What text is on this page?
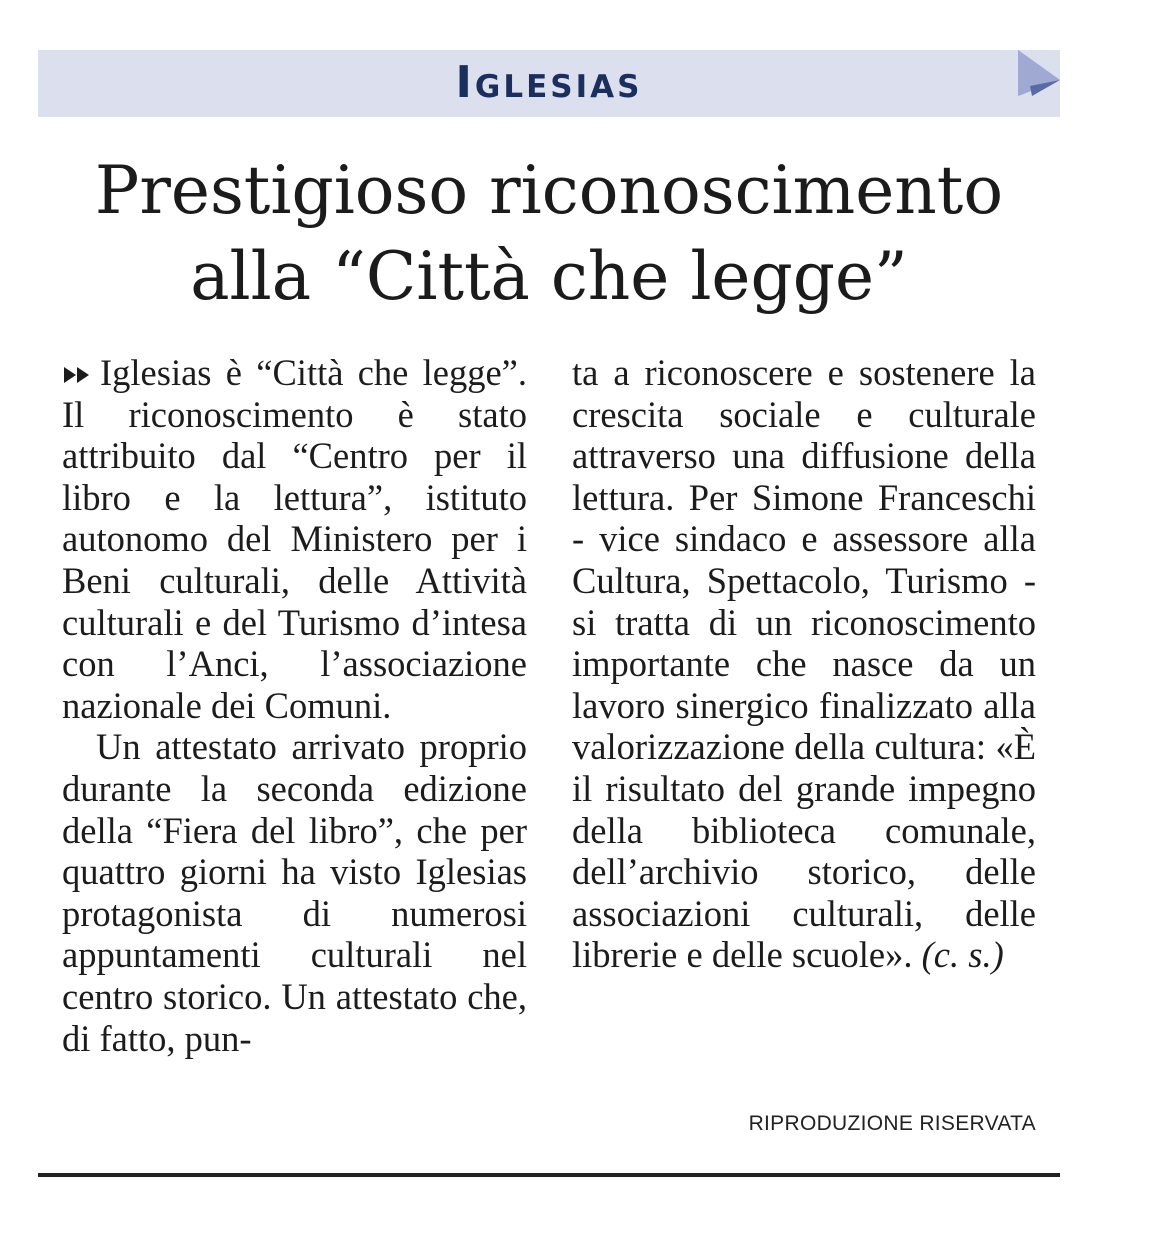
Iglesias
Prestigioso riconoscimento
alla “Città che legge”

Iglesias è “Città che legge”. Il riconoscimento è stato attribuito dal “Centro per il libro e la lettura”, istituto autonomo del Ministero per i Beni culturali, delle Attività culturali e del Turismo d’intesa con l’Anci, l’associazione nazionale dei Comuni.

Un attestato arrivato proprio durante la seconda edizione della “Fiera del libro”, che per quattro giorni ha visto Iglesias protagonista di numerosi appuntamenti culturali nel centro storico. Un attestato che, di fatto, pun-

ta a riconoscere e sostenere la crescita sociale e culturale attraverso una diffusione della lettura. Per Simone Franceschi - vice sindaco e assessore alla Cultura, Spettacolo, Turismo - si tratta di un riconoscimento importante che nasce da un lavoro sinergico finalizzato alla valorizzazione della cultura: «È il risultato del grande impegno della biblioteca comunale, dell’archivio storico, delle associazioni culturali, delle librerie e delle scuole». (c. s.)

RIPRODUZIONE RISERVATA
